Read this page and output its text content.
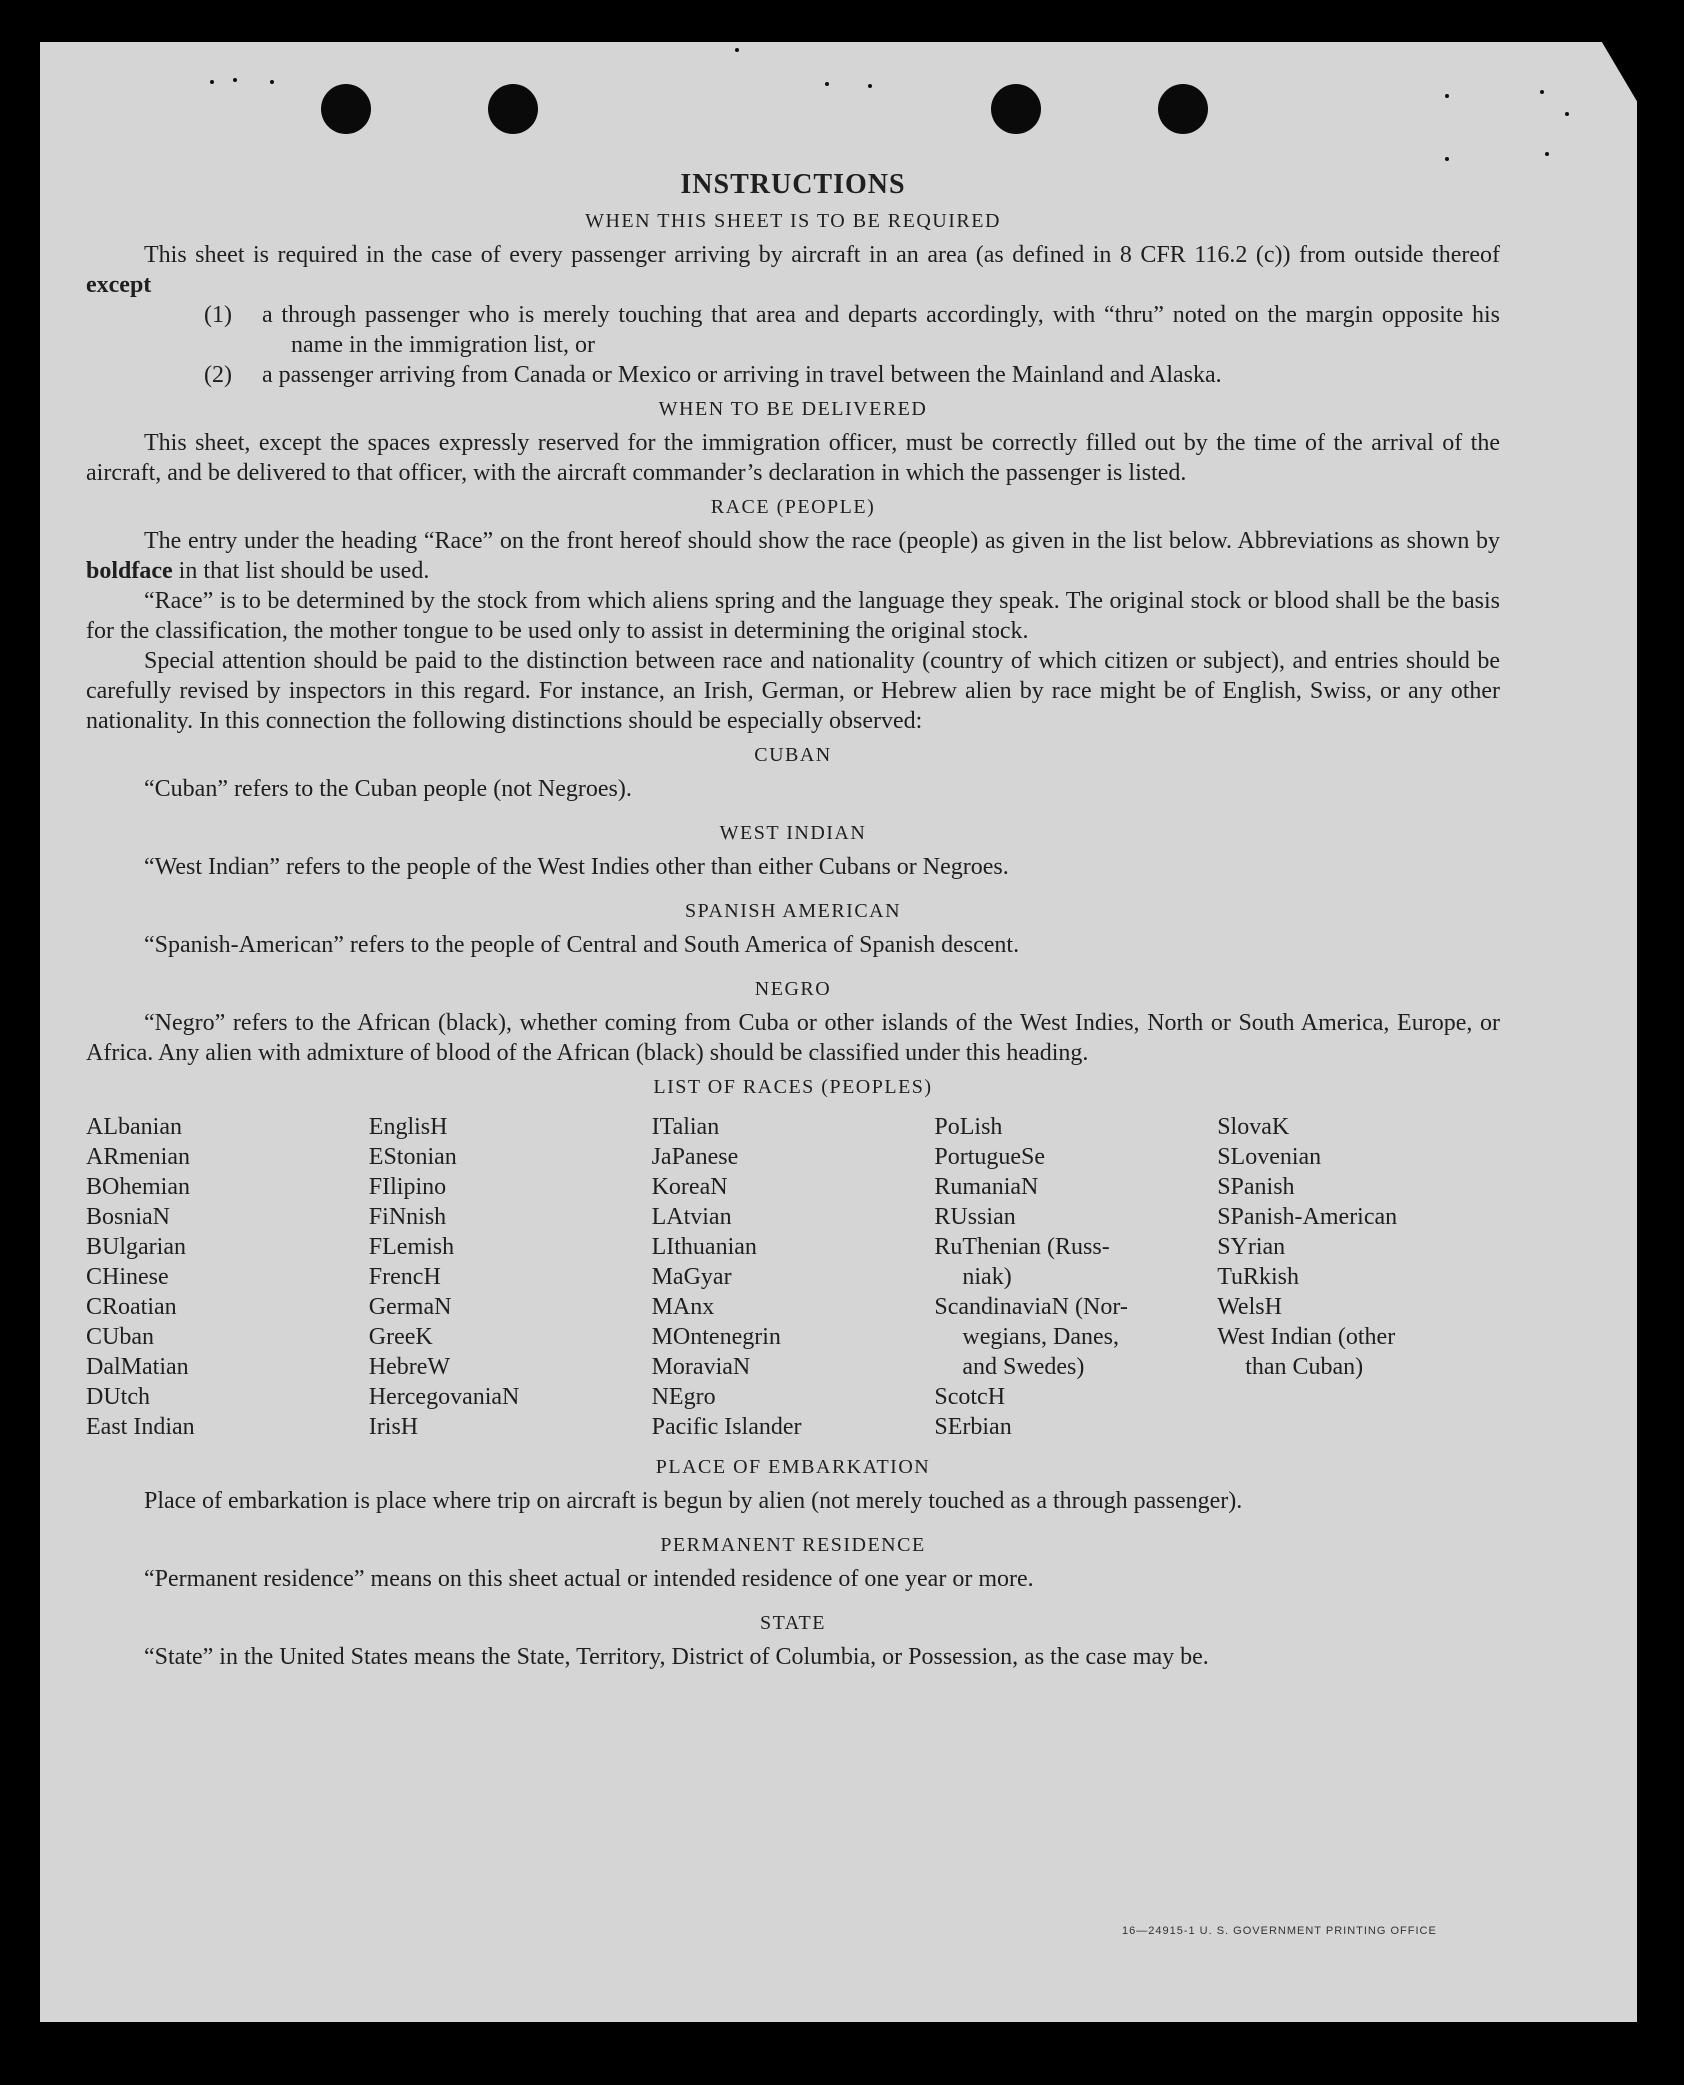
INSTRUCTIONS
WHEN THIS SHEET IS TO BE REQUIRED

This sheet is required in the case of every passenger arriving by aircraft in an area (as defined in 8 CFR 116.2 (c)) from outside thereof except

(1) a through passenger who is merely touching that area and departs accordingly, with “thru” noted on the margin opposite his name in the immigration list, or

(2) a passenger arriving from Canada or Mexico or arriving in travel between the Mainland and Alaska.

WHEN TO BE DELIVERED

This sheet, except the spaces expressly reserved for the immigration officer, must be correctly filled out by the time of the arrival of the aircraft, and be delivered to that officer, with the aircraft commander’s declaration in which the passenger is listed.

RACE (PEOPLE)

The entry under the heading “Race” on the front hereof should show the race (people) as given in the list below. Abbreviations as shown by boldface in that list should be used.

“Race” is to be determined by the stock from which aliens spring and the language they speak. The original stock or blood shall be the basis for the classification, the mother tongue to be used only to assist in determining the original stock.

Special attention should be paid to the distinction between race and nationality (country of which citizen or subject), and entries should be carefully revised by inspectors in this regard. For instance, an Irish, German, or Hebrew alien by race might be of English, Swiss, or any other nationality. In this connection the following distinctions should be especially observed:

CUBAN

“Cuban” refers to the Cuban people (not Negroes).

WEST INDIAN

“West Indian” refers to the people of the West Indies other than either Cubans or Negroes.

SPANISH AMERICAN

“Spanish-American” refers to the people of Central and South America of Spanish descent.

NEGRO

“Negro” refers to the African (black), whether coming from Cuba or other islands of the West Indies, North or South America, Europe, or Africa. Any alien with admixture of blood of the African (black) should be classified under this heading.

LIST OF RACES (PEOPLES)
ALbanian
ARmenian
BOhemian
BosniaN
BUlgarian
CHinese
CRoatian
CUban
DalMatian
DUtch
East Indian
EnglisH
EStonian
FIlipino
FiNnish
FLemish
FrencH
GermaN
GreeK
HebreW
HercegovaniaN
IrisH
ITalian
JaPanese
KoreaN
LAtvian
LIthuanian
MaGyar
MAnx
MOntenegrin
MoraviaN
NEgro
Pacific Islander
PoLish
PortugueSe
RumaniaN
RUssian
RuThenian (Russ-
niak)
ScandinaviaN (Nor-
wegians, Danes,
and Swedes)
ScotcH
SErbian
SlovaK
SLovenian
SPanish
SPanish-American
SYrian
TuRkish
WelsH
West Indian (other
than Cuban)
PLACE OF EMBARKATION

Place of embarkation is place where trip on aircraft is begun by alien (not merely touched as a through passenger).

PERMANENT RESIDENCE

“Permanent residence” means on this sheet actual or intended residence of one year or more.

STATE

“State” in the United States means the State, Territory, District of Columbia, or Possession, as the case may be.

16—24915-1 U. S. GOVERNMENT PRINTING OFFICE
